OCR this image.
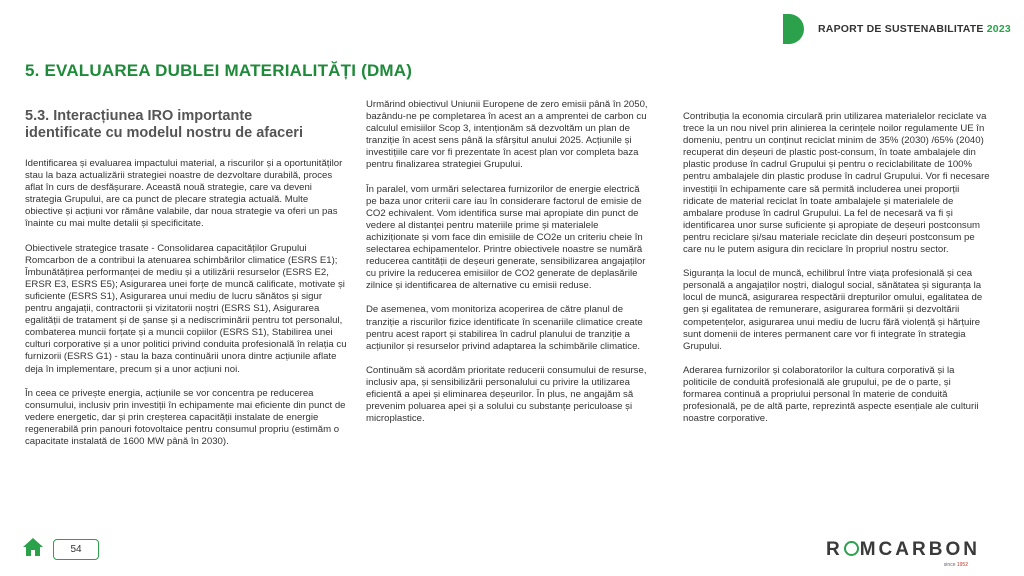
RAPORT DE SUSTENABILITATE 2023
5. EVALUAREA DUBLEI MATERIALITĂȚI (DMA)
5.3. Interacțiunea IRO importante identificate cu modelul nostru de afaceri

Identificarea și evaluarea impactului material, a riscurilor și a oportunităților stau la baza actualizării strategiei noastre de dezvoltare durabilă, proces aflat în curs de desfășurare. Această nouă strategie, care va deveni strategia Grupului, are ca punct de plecare strategia actuală. Multe obiective și acțiuni vor rămâne valabile, dar noua strategie va oferi un pas înainte cu mai multe detalii și specificitate.

Obiectivele strategice trasate - Consolidarea capacităților Grupului Romcarbon de a contribui la atenuarea schimbărilor climatice (ESRS E1); Îmbunătățirea performanței de mediu și a utilizării resurselor (ESRS E2, ERSR E3, ESRS E5); Asigurarea unei forțe de muncă calificate, motivate și suficiente (ESRS S1), Asigurarea unui mediu de lucru sănătos și sigur pentru angajații, contractorii și vizitatorii noștri (ESRS S1), Asigurarea egalității de tratament și de șanse și a nediscriminării pentru tot personalul, combaterea muncii forțate și a muncii copiilor (ESRS S1), Stabilirea unei culturi corporative și a unor politici privind conduita profesională în relația cu furnizorii (ESRS G1) - stau la baza continuării unora dintre acțiunile aflate deja în implementare, precum și a unor acțiuni noi.

În ceea ce privește energia, acțiunile se vor concentra pe reducerea consumului, inclusiv prin investiții în echipamente mai eficiente din punct de vedere energetic, dar și prin creșterea capacității instalate de energie regenerabilă prin panouri fotovoltaice pentru consumul propriu (estimăm o capacitate instalată de 1600 MW până în 2030).

Urmărind obiectivul Uniunii Europene de zero emisii până în 2050, bazându-ne pe completarea în acest an a amprentei de carbon cu calculul emisiilor Scop 3, intenționăm să dezvoltăm un plan de tranziție în acest sens până la sfârșitul anului 2025. Acțiunile și investițiile care vor fi prezentate în acest plan vor completa baza pentru finalizarea strategiei Grupului.

În paralel, vom urmări selectarea furnizorilor de energie electrică pe baza unor criterii care iau în considerare factorul de emisie de CO2 echivalent. Vom identifica surse mai apropiate din punct de vedere al distanței pentru materiile prime și materialele achiziționate și vom face din emisiile de CO2e un criteriu cheie în selectarea echipamentelor. Printre obiectivele noastre se numără reducerea cantității de deșeuri generate, sensibilizarea angajaților cu privire la reducerea emisiilor de CO2 generate de deplasările zilnice și identificarea de alternative cu emisii reduse.

De asemenea, vom monitoriza acoperirea de către planul de tranziție a riscurilor fizice identificate în scenariile climatice create pentru acest raport și stabilirea în cadrul planului de tranziție a acțiunilor și resurselor privind adaptarea la schimbările climatice.

Continuăm să acordăm prioritate reducerii consumului de resurse, inclusiv apa, și sensibilizării personalului cu privire la utilizarea eficientă a apei și eliminarea deșeurilor. În plus, ne angajăm să prevenim poluarea apei și a solului cu substanțe periculoase și microplastice.

Contribuția la economia circulară prin utilizarea materialelor reciclate va trece la un nou nivel prin alinierea la cerințele noilor regulamente UE în domeniu, pentru un conținut reciclat minim de 35% (2030) /65% (2040) recuperat din deșeuri de plastic post-consum, în toate ambalajele din plastic produse în cadrul Grupului și pentru o reciclabilitate de 100% pentru ambalajele din plastic produse în cadrul Grupului. Vor fi necesare investiții în echipamente care să permită includerea unei proporții ridicate de material reciclat în toate ambalajele și materialele de ambalare produse în cadrul Grupului. La fel de necesară va fi și identificarea unor surse suficiente și apropiate de deșeuri postconsum pentru reciclare și/sau materiale reciclate din deșeuri postconsum pe care nu le putem asigura din reciclare în propriul nostru sector.

Siguranța la locul de muncă, echilibrul între viața profesională și cea personală a angajaților noștri, dialogul social, sănătatea și siguranța la locul de muncă, asigurarea respectării drepturilor omului, egalitatea de gen și egalitatea de remunerare, asigurarea formării și dezvoltării competențelor, asigurarea unui mediu de lucru fără violență și hărțuire sunt domenii de interes permanent care vor fi integrate în strategia Grupului.

Aderarea furnizorilor și colaboratorilor la cultura corporativă și la politicile de conduită profesională ale grupului, pe de o parte, și formarea continuă a propriului personal în materie de conduită profesională, pe de altă parte, reprezintă aspecte esențiale ale culturii noastre corporative.

54	R MCARBON
since 1952
